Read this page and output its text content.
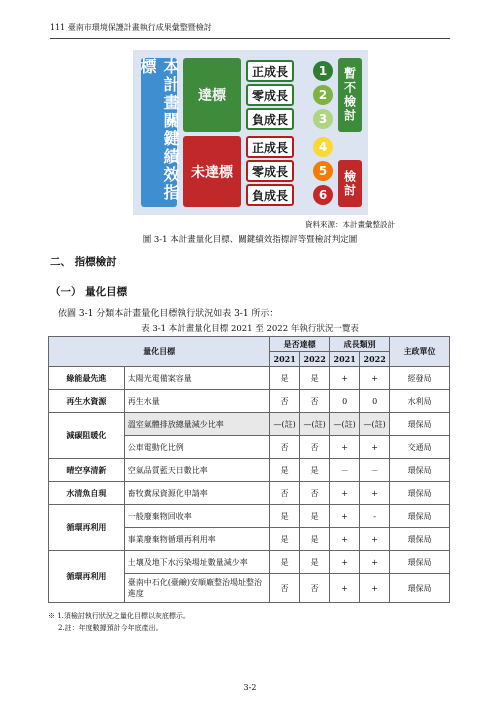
111 臺南市環境保護計畫執行成果彙整暨檢討
本計畫關鍵績效指標
達標
未達標
正成長
零成長
負成長
正成長
零成長
負成長
1
2
3
4
5
6
暫不檢討
檢討
資料來源：本計畫彙整設計
圖 3-1 本計畫量化目標、關鍵績效指標評等暨檢討判定圖
二、 指標檢討
（一） 量化目標
依圖 3-1 分類本計畫量化目標執行狀況如表 3-1 所示：
表 3-1 本計畫量化目標 2021 至 2022 年執行狀況一覽表
量化目標		是否達標		成長類別		主政單位
		2021	2022	2021	2022	
綠能最先進	太陽光電備案容量	是	是	+	+	經發局
再生水資源	再生水量	否	否	0	0	水利局
減碳阻暖化	溫室氣體排放總量減少比率	—(註)	—(註)	—(註)	—(註)	環保局
	公車電動化比例	否	否	+	+	交通局
晴空享清新	空氣品質藍天日數比率	是	是	－	－	環保局
水清魚自現	畜牧糞尿資源化申請率	否	否	+	+	環保局
循環再利用	一般廢棄物回收率	是	是	+	-	環保局
	事業廢棄物循環再利用率	是	是	+	+	環保局
循環再利用	土壤及地下水污染場址數量減少率	是	是	+	+	環保局
	臺南中石化(臺鹼)安順廠整治場址整治進度	否	否	+	+	環保局
※ 1.須檢討執行狀況之量化目標以灰底標示。
2.註：年度數據預計今年底產出。
3-2
